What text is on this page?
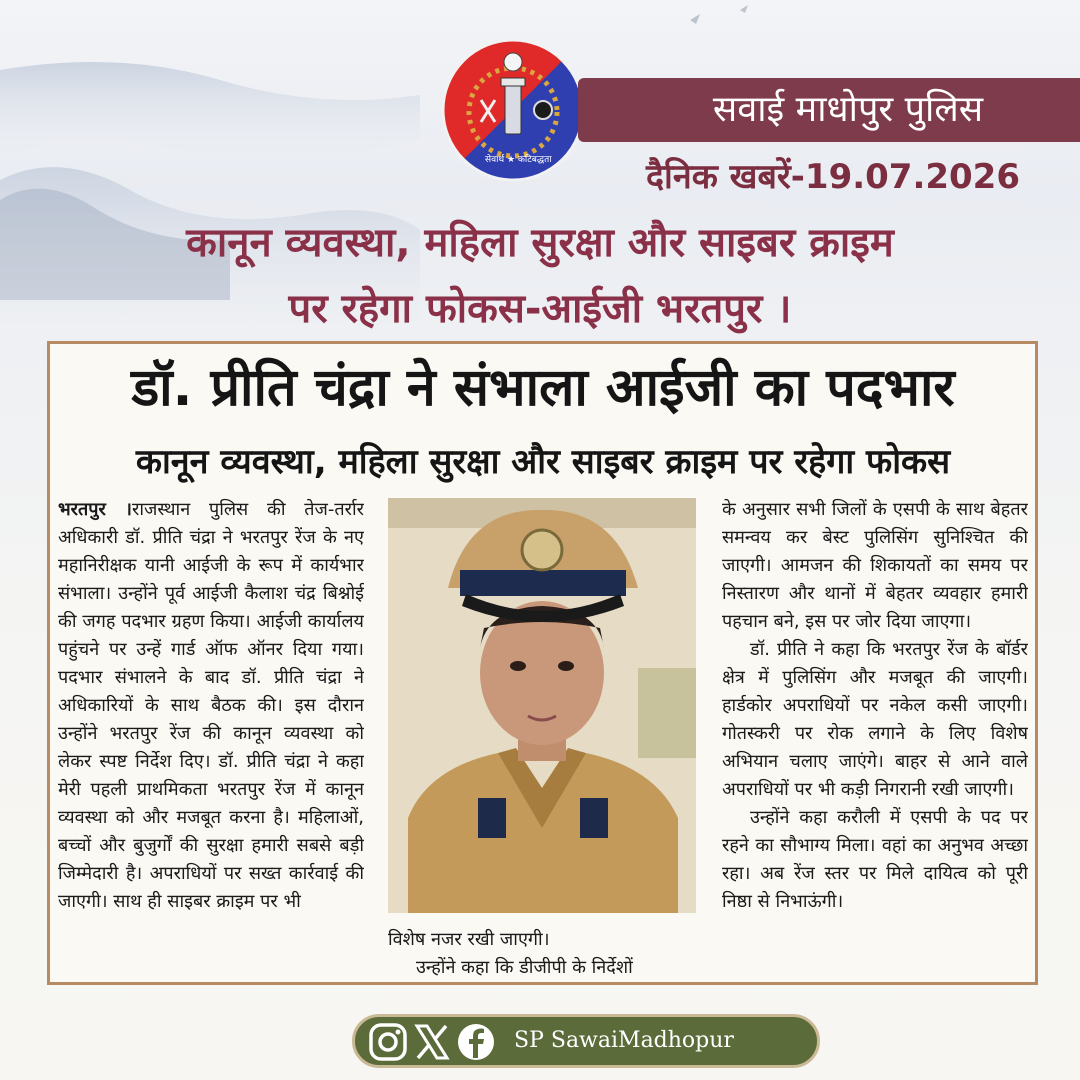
सेवार्थ ★ कटिबद्धता
सवाई माधोपुर पुलिस
दैनिक खबरें-19.07.2026
कानून व्यवस्था, महिला सुरक्षा और साइबर क्राइम
पर रहेगा फोकस-आईजी भरतपुर ।
डॉ. प्रीति चंद्रा ने संभाला आईजी का पदभार
कानून व्यवस्था, महिला सुरक्षा और साइबर क्राइम पर रहेगा फोकस

भरतपुर ।राजस्थान पुलिस की तेज-तर्रार अधिकारी डॉ. प्रीति चंद्रा ने भरतपुर रेंज के नए महानिरीक्षक यानी आईजी के रूप में कार्यभार संभाला। उन्होंने पूर्व आईजी कैलाश चंद्र बिश्नोई की जगह पदभार ग्रहण किया। आईजी कार्यालय पहुंचने पर उन्हें गार्ड ऑफ ऑनर दिया गया। पदभार संभालने के बाद डॉ. प्रीति चंद्रा ने अधिकारियों के साथ बैठक की। इस दौरान उन्होंने भरतपुर रेंज की कानून व्यवस्था को लेकर स्पष्ट निर्देश दिए। डॉ. प्रीति चंद्रा ने कहा मेरी पहली प्राथमिकता भरतपुर रेंज में कानून व्यवस्था को और मजबूत करना है। महिलाओं, बच्चों और बुजुर्गों की सुरक्षा हमारी सबसे बड़ी जिम्मेदारी है। अपराधियों पर सख्त कार्रवाई की जाएगी। साथ ही साइबर क्राइम पर भी

विशेष नजर रखी जाएगी।

उन्होंने कहा कि डीजीपी के निर्देशों

के अनुसार सभी जिलों के एसपी के साथ बेहतर समन्वय कर बेस्ट पुलिसिंग सुनिश्चित की जाएगी। आमजन की शिकायतों का समय पर निस्तारण और थानों में बेहतर व्यवहार हमारी पहचान बने, इस पर जोर दिया जाएगा।

डॉ. प्रीति ने कहा कि भरतपुर रेंज के बॉर्डर क्षेत्र में पुलिसिंग और मजबूत की जाएगी। हार्डकोर अपराधियों पर नकेल कसी जाएगी। गोतस्करी पर रोक लगाने के लिए विशेष अभियान चलाए जाएंगे। बाहर से आने वाले अपराधियों पर भी कड़ी निगरानी रखी जाएगी।

उन्होंने कहा करौली में एसपी के पद पर रहने का सौभाग्य मिला। वहां का अनुभव अच्छा रहा। अब रेंज स्तर पर मिले दायित्व को पूरी निष्ठा से निभाऊंगी।

SP SawaiMadhopur
